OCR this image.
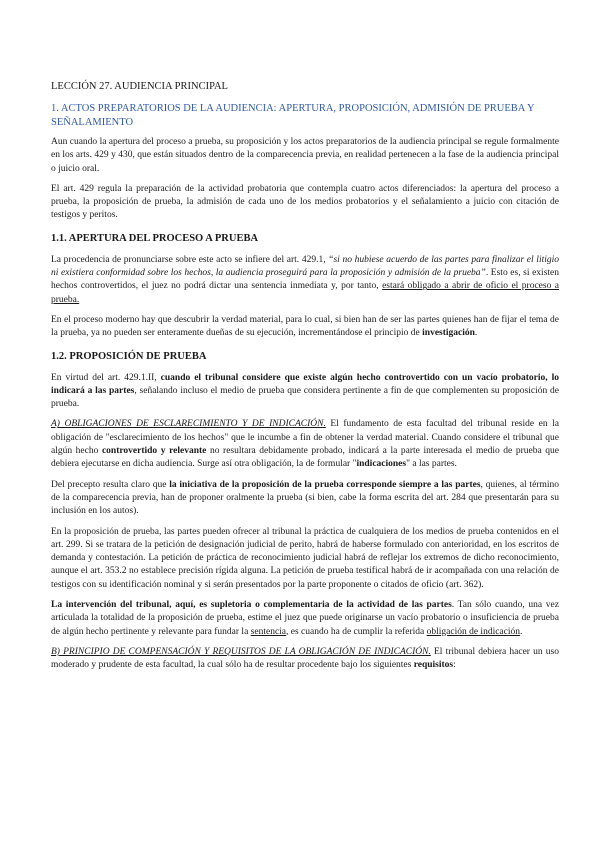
LECCIÓN 27. AUDIENCIA PRINCIPAL
1. ACTOS PREPARATORIOS DE LA AUDIENCIA: APERTURA, PROPOSICIÓN, ADMISIÓN DE PRUEBA Y SEÑALAMIENTO

Aun cuando la apertura del proceso a prueba, su proposición y los actos preparatorios de la audiencia principal se regule formalmente en los arts. 429 y 430, que están situados dentro de la comparecencia previa, en realidad pertenecen a la fase de la audiencia principal o juicio oral.

El art. 429 regula la preparación de la actividad probatoria que contempla cuatro actos diferenciados: la apertura del proceso a prueba, la proposición de prueba, la admisión de cada uno de los medios probatorios y el señalamiento a juicio con citación de testigos y peritos.

1.1. APERTURA DEL PROCESO A PRUEBA

La procedencia de pronunciarse sobre este acto se infiere del art. 429.1, “si no hubiese acuerdo de las partes para finalizar el litigio ni existiera conformidad sobre los hechos, la audiencia proseguirá para la proposición y admisión de la prueba”. Esto es, si existen hechos controvertidos, el juez no podrá dictar una sentencia inmediata y, por tanto, estará obligado a abrir de oficio el proceso a prueba.

En el proceso moderno hay que descubrir la verdad material, para lo cual, si bien han de ser las partes quienes han de fijar el tema de la prueba, ya no pueden ser enteramente dueñas de su ejecución, incrementándose el principio de investigación.

1.2. PROPOSICIÓN DE PRUEBA

En virtud del art. 429.1.II, cuando el tribunal considere que existe algún hecho controvertido con un vacío probatorio, lo indicará a las partes, señalando incluso el medio de prueba que considera pertinente a fin de que complementen su proposición de prueba.

A) OBLIGACIONES DE ESCLARECIMIENTO Y DE INDICACIÓN. El fundamento de esta facultad del tribunal reside en la obligación de "esclarecimiento de los hechos" que le incumbe a fin de obtener la verdad material. Cuando considere el tribunal que algún hecho controvertido y relevante no resultara debidamente probado, indicará a la parte interesada el medio de prueba que debiera ejecutarse en dicha audiencia. Surge así otra obligación, la de formular "indicaciones" a las partes.

Del precepto resulta claro que la iniciativa de la proposición de la prueba corresponde siempre a las partes, quienes, al término de la comparecencia previa, han de proponer oralmente la prueba (si bien, cabe la forma escrita del art. 284 que presentarán para su inclusión en los autos).

En la proposición de prueba, las partes pueden ofrecer al tribunal la práctica de cualquiera de los medios de prueba contenidos en el art. 299. Si se tratara de la petición de designación judicial de perito, habrá de haberse formulado con anterioridad, en los escritos de demanda y contestación. La petición de práctica de reconocimiento judicial habrá de reflejar los extremos de dicho reconocimiento, aunque el art. 353.2 no establece precisión rígida alguna. La petición de prueba testifical habrá de ir acompañada con una relación de testigos con su identificación nominal y si serán presentados por la parte proponente o citados de oficio (art. 362).

La intervención del tribunal, aquí, es supletoria o complementaria de la actividad de las partes. Tan sólo cuando, una vez articulada la totalidad de la proposición de prueba, estime el juez que puede originarse un vacío probatorio o insuficiencia de prueba de algún hecho pertinente y relevante para fundar la sentencia, es cuando ha de cumplir la referida obligación de indicación.

B) PRINCIPIO DE COMPENSACIÓN Y REQUISITOS DE LA OBLIGACIÓN DE INDICACIÓN. El tribunal debiera hacer un uso moderado y prudente de esta facultad, la cual sólo ha de resultar procedente bajo los siguientes requisitos:
